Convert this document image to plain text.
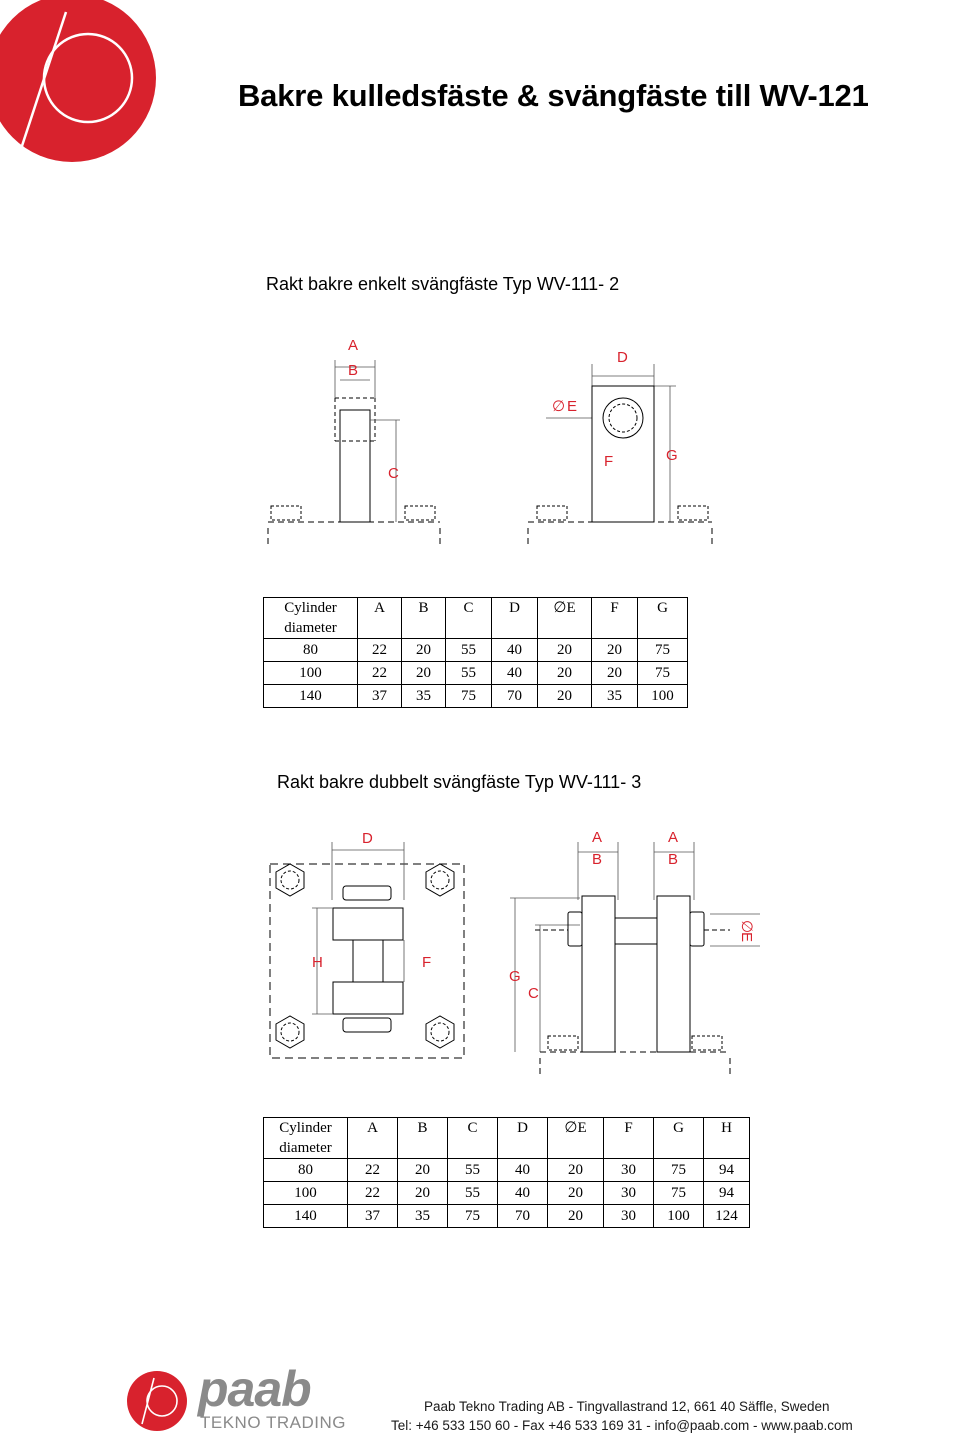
Bakre kulledsfäste & svängfäste till WV-121
Rakt bakre enkelt svängfäste Typ WV-111- 2
A
B
C
D
∅ E
F	G
Cylinder diameter	A	B	C	D	∅E	F	G
80	22	20	55	40	20	20	75
100	22	20	55	40	20	20	75
140	37	35	75	70	20	35	100
Rakt bakre dubbelt svängfäste Typ WV-111- 3
D
H	F
G
C
A
B
A
B
∅
E
Cylinder diameter	A	B	C	D	∅E	F	G	H
80	22	20	55	40	20	30	75	94
100	22	20	55	40	20	30	75	94
140	37	35	75	70	20	30	100	124
paab
TEKNO TRADING
Paab Tekno Trading AB - Tingvallastrand 12, 661 40 Säffle, Sweden
Tel: +46 533 150 60 - Fax +46 533 169 31 - info@paab.com - www.paab.com
